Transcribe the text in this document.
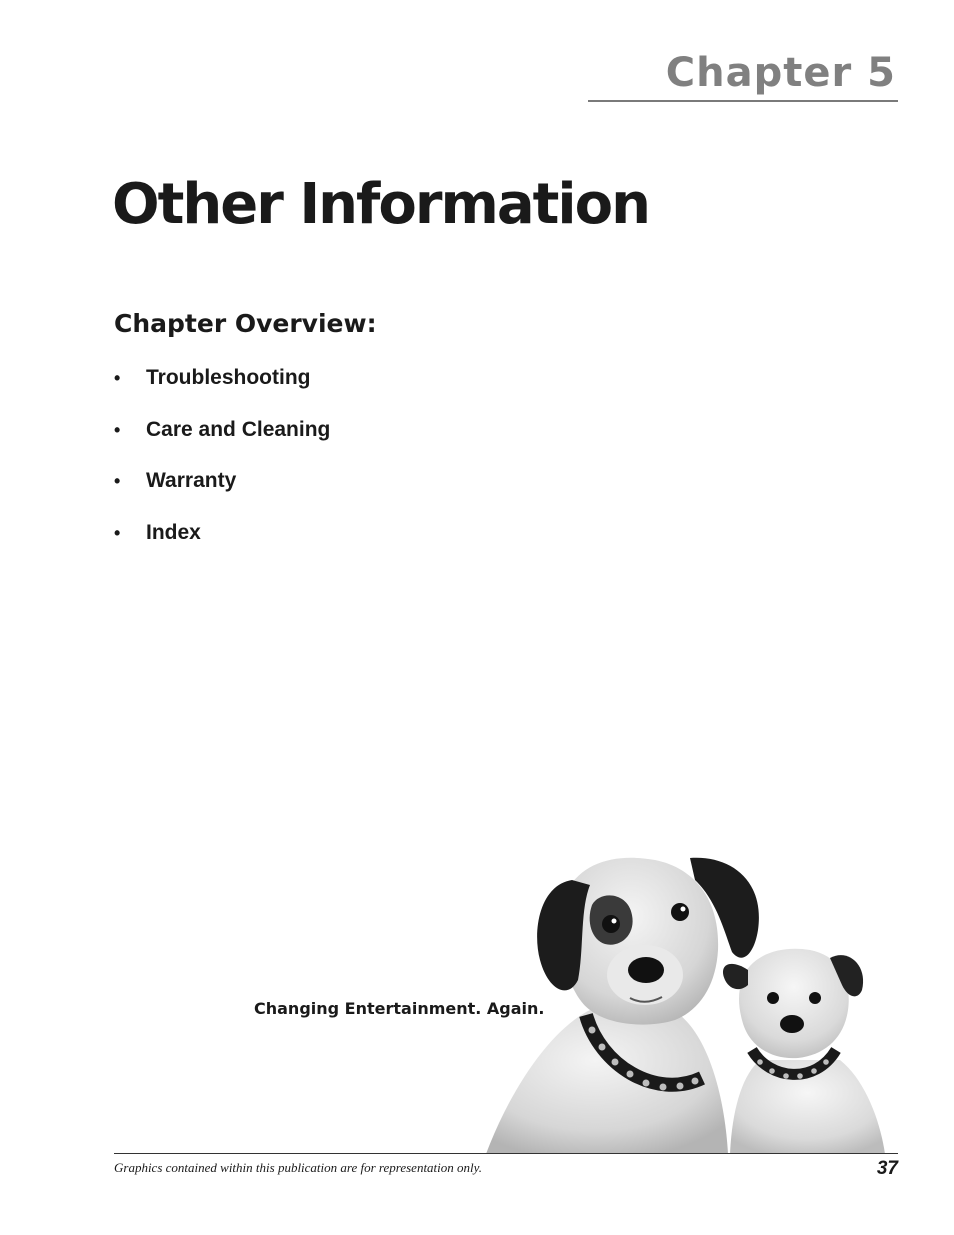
Chapter 5
Other Information
Chapter Overview:
•	Troubleshooting
•	Care and Cleaning
•	Warranty
•	Index
Changing Entertainment. Again.
Graphics contained within this publication are for representation only.	37
